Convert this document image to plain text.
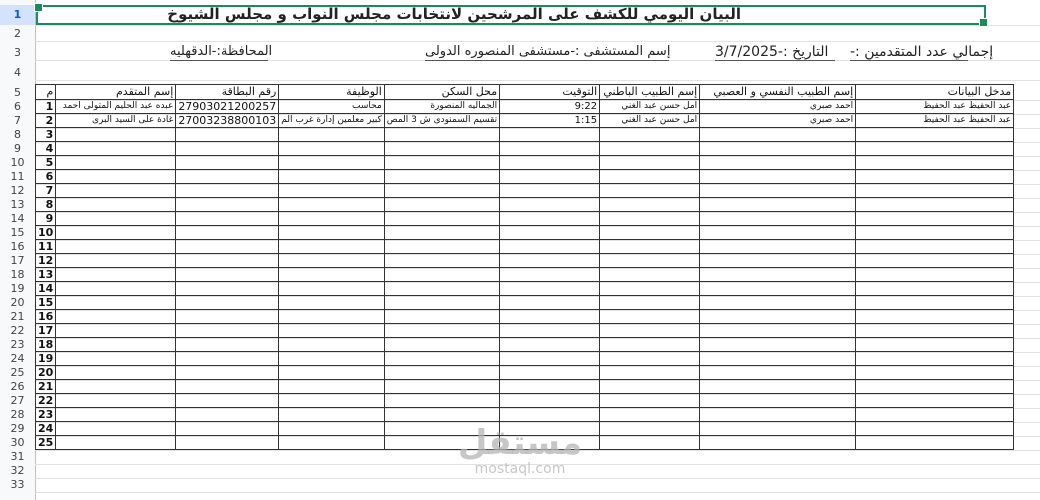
1
2
3
4
5
6
7
8
9
10
11
12
13
14
15
16
17
18
19
20
21
22
23
24
25
26
27
28
29
30
31
32
33
البيان اليومي للكشف على المرشحين لانتخابات مجلس النواب و مجلس الشيوخ
المحافظة:-الدقهليه	إسم المستشفى :-مستشفى المنصوره الدولى	التاريخ :-3/7/2025 إجمالي عدد المتقدمين :-
م	إسم المتقدم	رقم البطاقة	الوظيفة	محل السكن	التوقيت	إسم الطبيب الباطني	إسم الطبيب النفسي و العصبي	مدخل البيانات
1	عبده عبد الحليم المتولى احمد	27903021200257	محاسب	الجماليه المنصورة	9:22	امل حسن عبد الغني	احمد صبري	عبد الحفيظ عبد الحفيظ
2	غادة على السيد البرى	27003238800103	كبير معلمين إدارة غرب الم	تقسيم السمنودى ش 3 المص	1:15	امل حسن عبد الغني	احمد صبري	عبد الحفيظ عبد الحفيظ
3								
4								
5								
6								
7								
8								
9								
10								
11								
12								
13								
14								
15								
16								
17								
18								
19								
20								
21								
22								
23								
24								
25									مستقل
mostaql.com
